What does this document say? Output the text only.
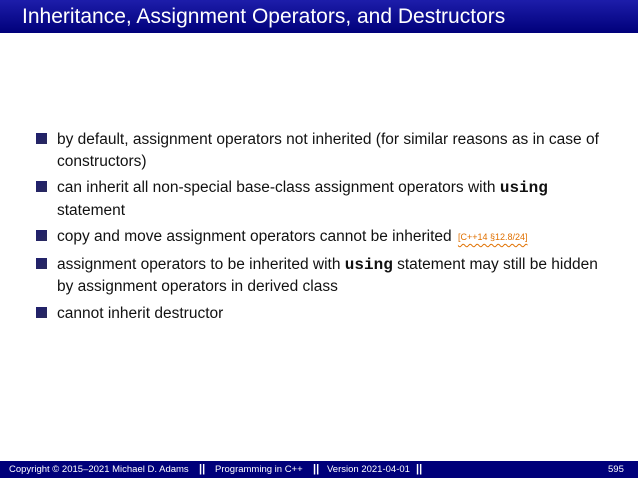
Inheritance, Assignment Operators, and Destructors
by default, assignment operators not inherited (for similar reasons as in case of constructors)
can inherit all non-special base-class assignment operators with using statement
copy and move assignment operators cannot be inherited [C++14 §12.8/24]
assignment operators to be inherited with using statement may still be hidden by assignment operators in derived class
cannot inherit destructor
Copyright © 2015–2021 Michael D. Adams || Programming in C++ || Version 2021-04-01 ||	595
